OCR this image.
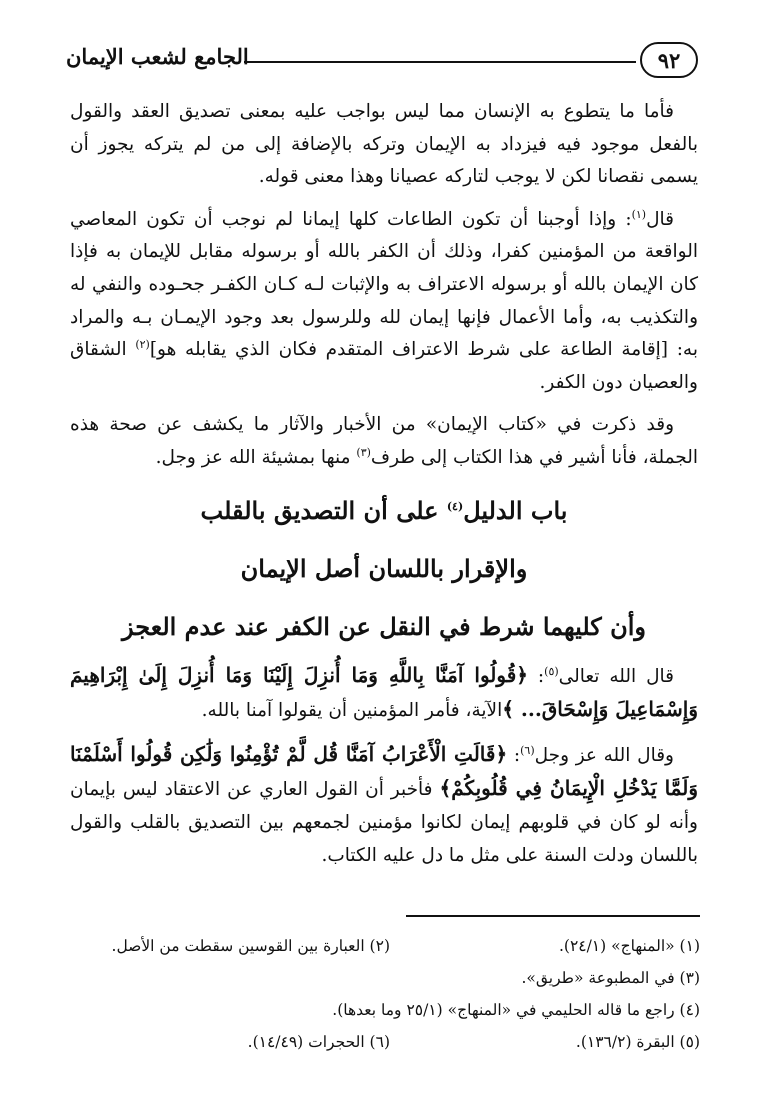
٩٢
الجامع لشعب الإيمان

فأما ما يتطوع به الإنسان مما ليس بواجب عليه بمعنى تصديق العقد والقول بالفعل موجود فيه فيزداد به الإيمان وتركه بالإضافة إلى من لم يتركه يجوز أن يسمى نقصانا لكن لا يوجب لتاركه عصيانا وهذا معنى قوله.

قال$^{(١)}$: وإذا أوجبنا أن تكون الطاعات كلها إيمانا لم نوجب أن تكون المعاصي الواقعة من المؤمنين كفرا، وذلك أن الكفر بالله أو برسوله مقابل للإيمان به فإذا كان الإيمان بالله أو برسوله الاعتراف به والإثبات لـه كـان الكفـر جحـوده والنفي له والتكذيب به، وأما الأعمال فإنها إيمان لله وللرسول بعد وجود الإيمـان بـه والمراد به: [إقامة الطاعة على شرط الاعتراف المتقدم فكان الذي يقابله هو]$^{(٢)}$ الشقاق والعصيان دون الكفر.

وقد ذكرت في «كتاب الإيمان» من الأخبار والآثار ما يكشف عن صحة هذه الجملة، فأنا أشير في هذا الكتاب إلى طرف$^{(٣)}$ منها بمشيئة الله عز وجل.

باب الدليل$^{(٤)}$ على أن التصديق بالقلب
والإقرار باللسان أصل الإيمان
وأن كليهما شرط في النقل عن الكفر عند عدم العجز

قال الله تعالى$^{(٥)}$: ﴿قُولُوا آمَنَّا بِاللَّهِ وَمَا أُنزِلَ إِلَيْنَا وَمَا أُنزِلَ إِلَىٰ إِبْرَاهِيمَ وَإِسْمَاعِيلَ وَإِسْحَاقَ... ﴾الآية، فأمر المؤمنين أن يقولوا آمنا بالله.

وقال الله عز وجل$^{(٦)}$: ﴿قَالَتِ الْأَعْرَابُ آمَنَّا قُل لَّمْ تُؤْمِنُوا وَلَٰكِن قُولُوا أَسْلَمْنَا وَلَمَّا يَدْخُلِ الْإِيمَانُ فِي قُلُوبِكُمْ﴾ فأخبر أن القول العاري عن الاعتقاد ليس بإيمان وأنه لو كان في قلوبهم إيمان لكانوا مؤمنين لجمعهم بين التصديق بالقلب والقول باللسان ودلت السنة على مثل ما دل عليه الكتاب.

(١) «المنهاج» (٢٤/١).
(٢) العبارة بين القوسين سقطت من الأصل.
(٣) في المطبوعة «طريق».
(٤) راجع ما قاله الحليمي في «المنهاج» (٢٥/١ وما بعدها).
(٥) البقرة (١٣٦/٢).
(٦) الحجرات (١٤/٤٩).
